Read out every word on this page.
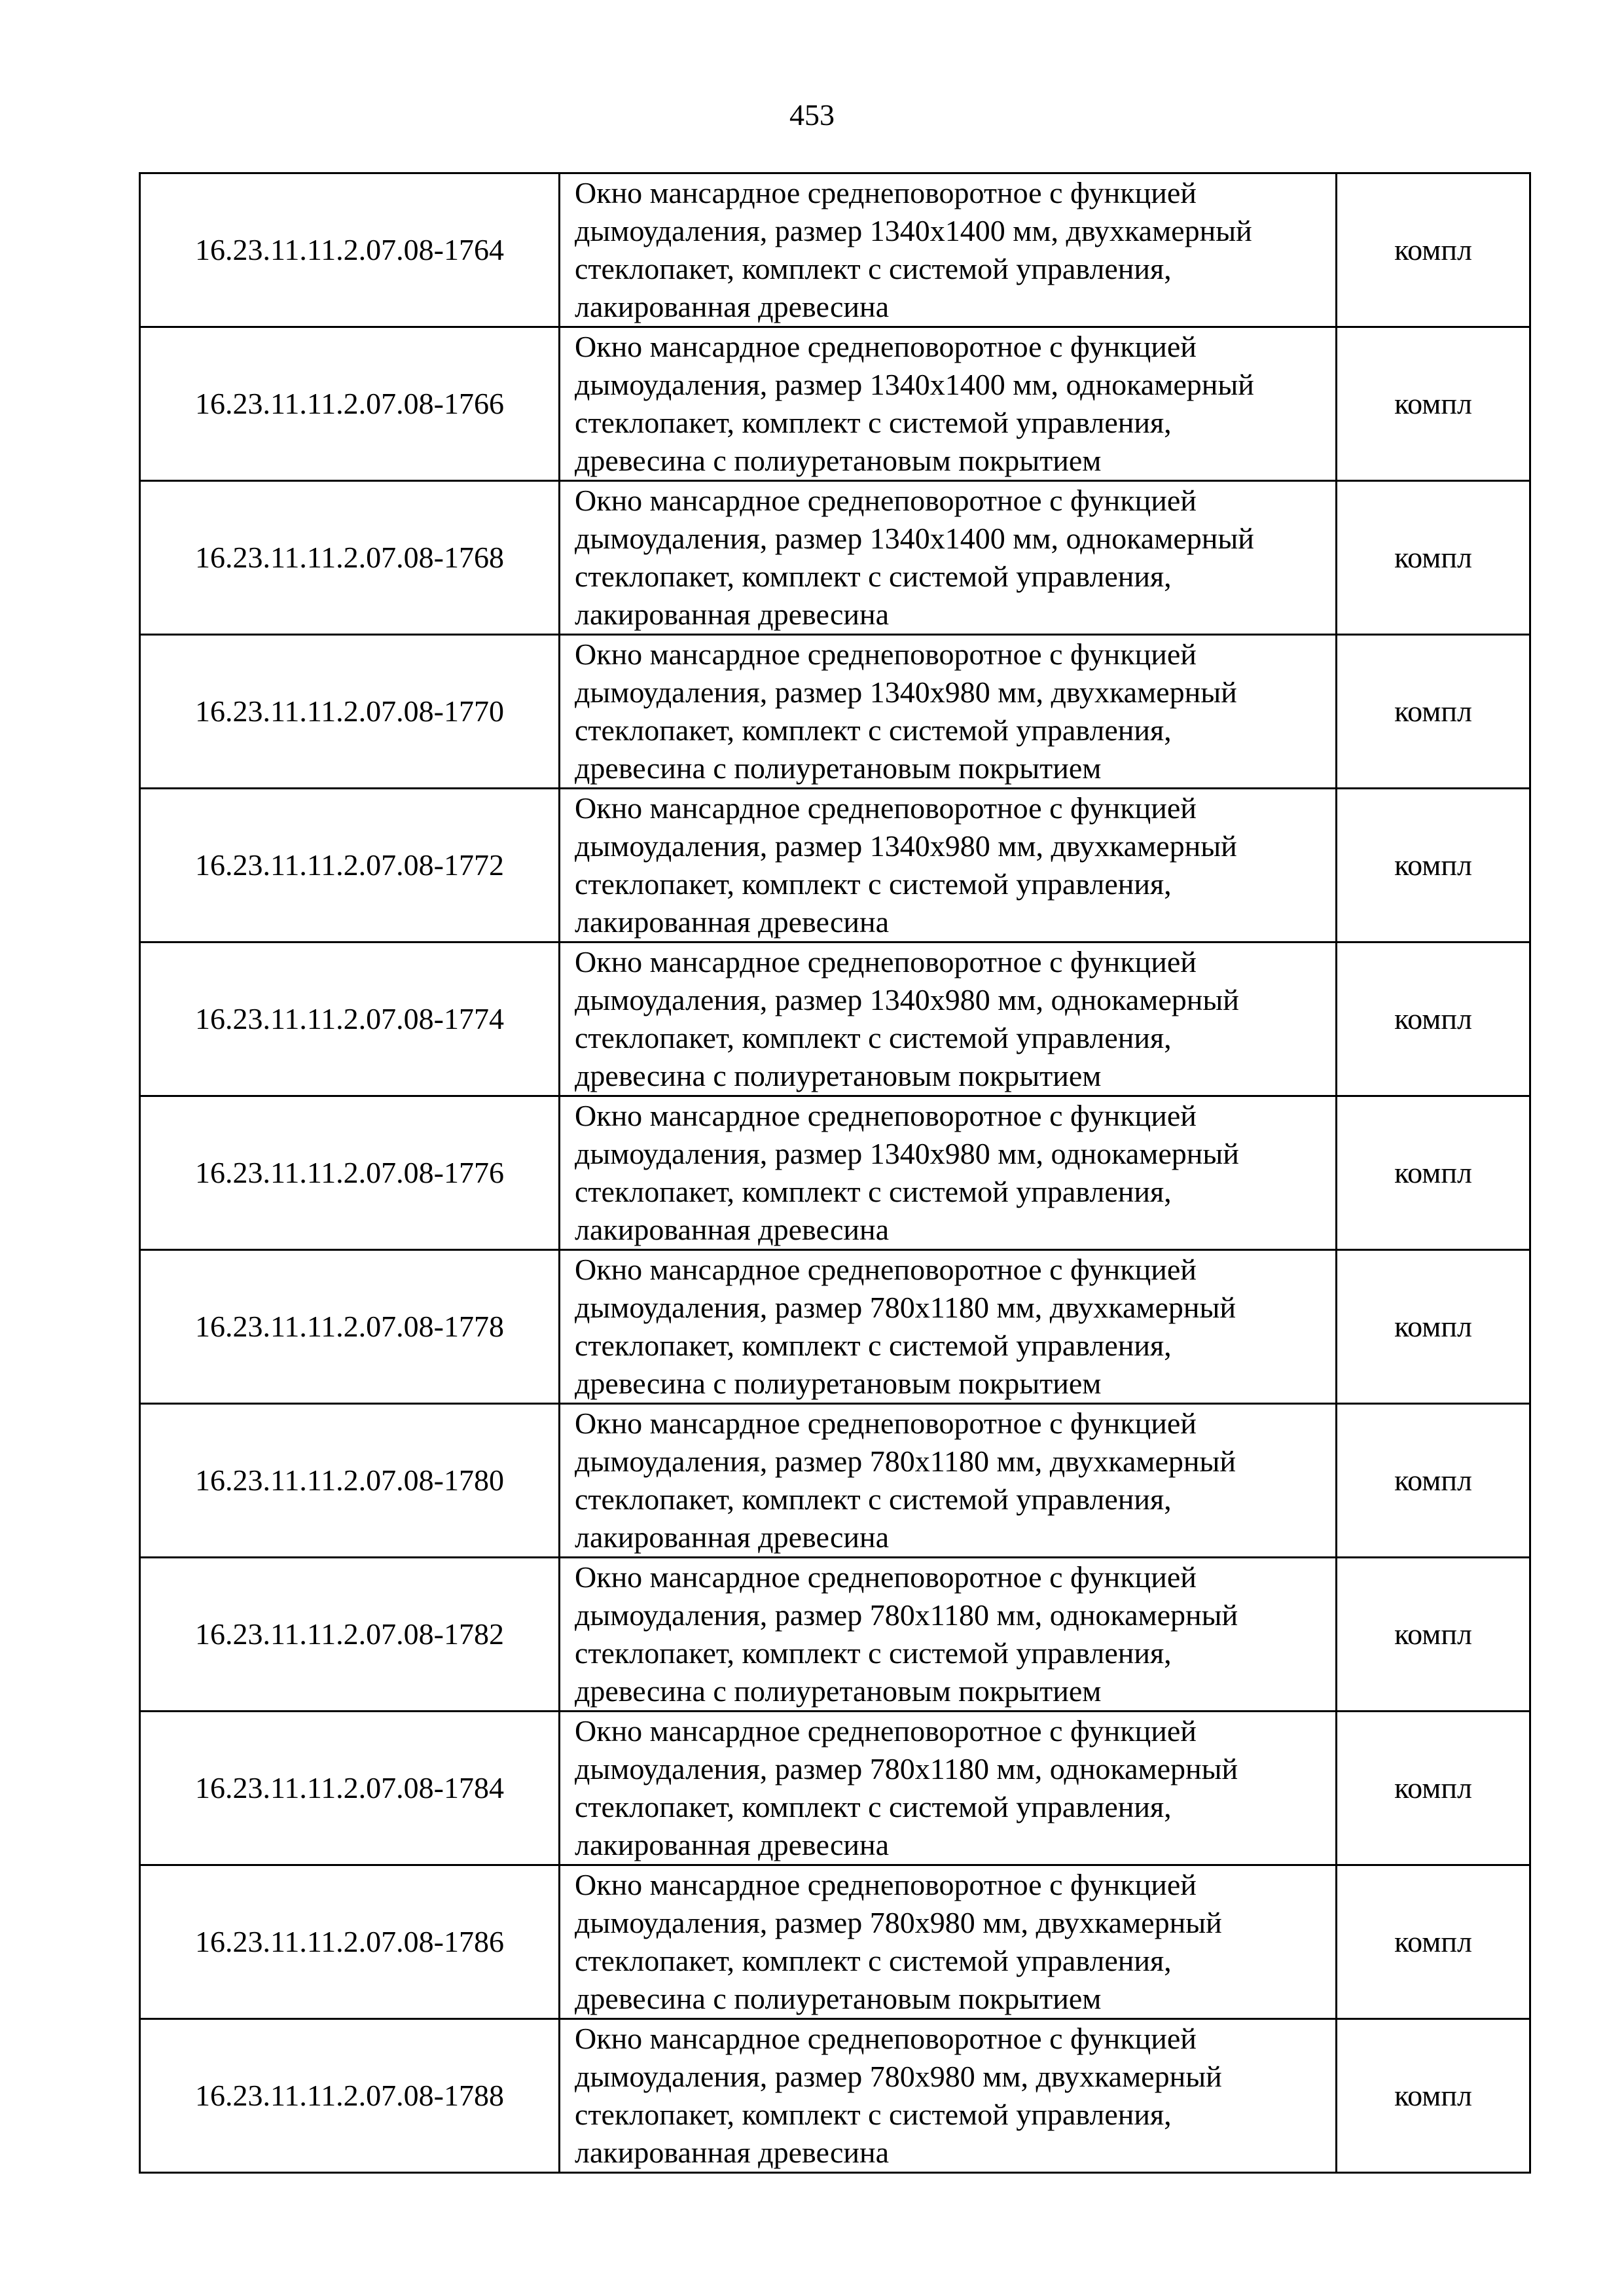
453
16.23.11.11.2.07.08-1764	Окно мансардное среднеповоротное с функцией
дымоудаления, размер 1340х1400 мм, двухкамерный
стеклопакет, комплект с системой управления,
лакированная древесина	компл
16.23.11.11.2.07.08-1766	Окно мансардное среднеповоротное с функцией
дымоудаления, размер 1340х1400 мм, однокамерный
стеклопакет, комплект с системой управления,
древесина с полиуретановым покрытием	компл
16.23.11.11.2.07.08-1768	Окно мансардное среднеповоротное с функцией
дымоудаления, размер 1340х1400 мм, однокамерный
стеклопакет, комплект с системой управления,
лакированная древесина	компл
16.23.11.11.2.07.08-1770	Окно мансардное среднеповоротное с функцией
дымоудаления, размер 1340х980 мм, двухкамерный
стеклопакет, комплект с системой управления,
древесина с полиуретановым покрытием	компл
16.23.11.11.2.07.08-1772	Окно мансардное среднеповоротное с функцией
дымоудаления, размер 1340х980 мм, двухкамерный
стеклопакет, комплект с системой управления,
лакированная древесина	компл
16.23.11.11.2.07.08-1774	Окно мансардное среднеповоротное с функцией
дымоудаления, размер 1340х980 мм, однокамерный
стеклопакет, комплект с системой управления,
древесина с полиуретановым покрытием	компл
16.23.11.11.2.07.08-1776	Окно мансардное среднеповоротное с функцией
дымоудаления, размер 1340х980 мм, однокамерный
стеклопакет, комплект с системой управления,
лакированная древесина	компл
16.23.11.11.2.07.08-1778	Окно мансардное среднеповоротное с функцией
дымоудаления, размер 780х1180 мм, двухкамерный
стеклопакет, комплект с системой управления,
древесина с полиуретановым покрытием	компл
16.23.11.11.2.07.08-1780	Окно мансардное среднеповоротное с функцией
дымоудаления, размер 780х1180 мм, двухкамерный
стеклопакет, комплект с системой управления,
лакированная древесина	компл
16.23.11.11.2.07.08-1782	Окно мансардное среднеповоротное с функцией
дымоудаления, размер 780х1180 мм, однокамерный
стеклопакет, комплект с системой управления,
древесина с полиуретановым покрытием	компл
16.23.11.11.2.07.08-1784	Окно мансардное среднеповоротное с функцией
дымоудаления, размер 780х1180 мм, однокамерный
стеклопакет, комплект с системой управления,
лакированная древесина	компл
16.23.11.11.2.07.08-1786	Окно мансардное среднеповоротное с функцией
дымоудаления, размер 780х980 мм, двухкамерный
стеклопакет, комплект с системой управления,
древесина с полиуретановым покрытием	компл
16.23.11.11.2.07.08-1788	Окно мансардное среднеповоротное с функцией
дымоудаления, размер 780х980 мм, двухкамерный
стеклопакет, комплект с системой управления,
лакированная древесина	компл
